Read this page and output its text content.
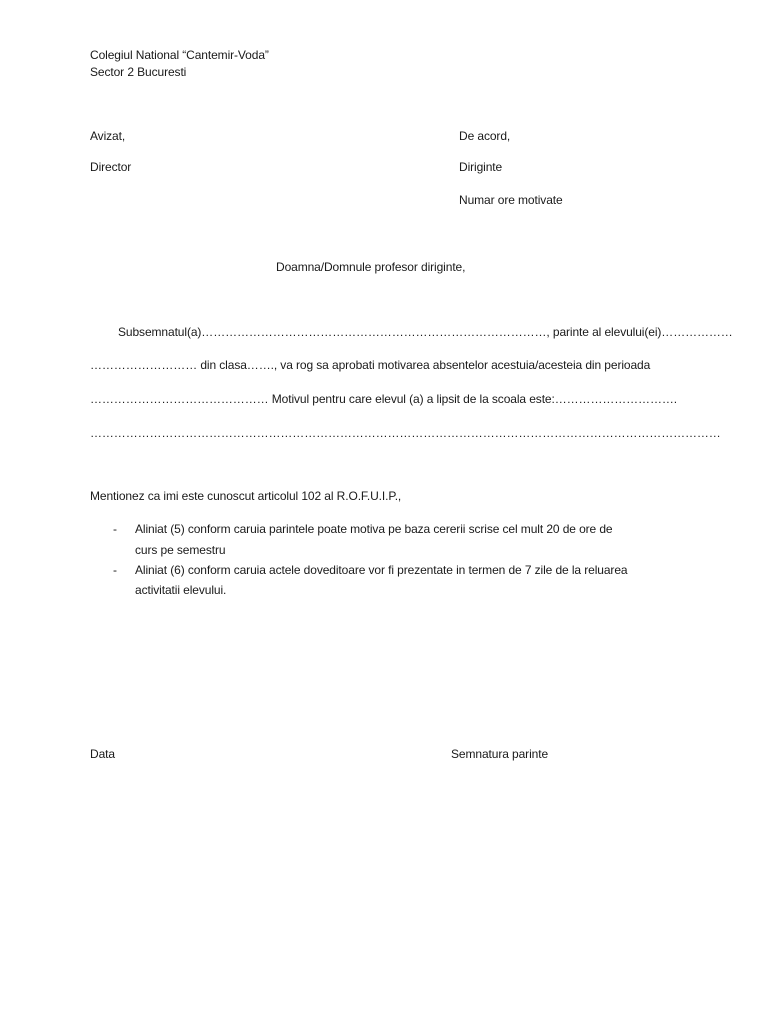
Colegiul National “Cantemir-Voda”
Sector 2 Bucuresti
Avizat,
Director
De acord,
Diriginte
Numar ore motivate
Doamna/Domnule profesor diriginte,
Subsemnatul(a)……………………………………………………………………………, parinte al elevului(ei)………………
……………………… din clasa……., va rog sa aprobati motivarea absentelor acestuia/acesteia din perioada
……………………………………… Motivul pentru care elevul (a) a lipsit de la scoala este:………………………….
……………………………………………………………………………………………………………………………………………
Mentionez ca imi este cunoscut articolul 102 al R.O.F.U.I.P.,
- Aliniat (5) conform caruia parintele poate motiva pe baza cererii scrise cel mult 20 de ore de
curs pe semestru
- Aliniat (6) conform caruia actele doveditoare vor fi prezentate in termen de 7 zile de la reluarea
activitatii elevului.
Data	Semnatura parinte
